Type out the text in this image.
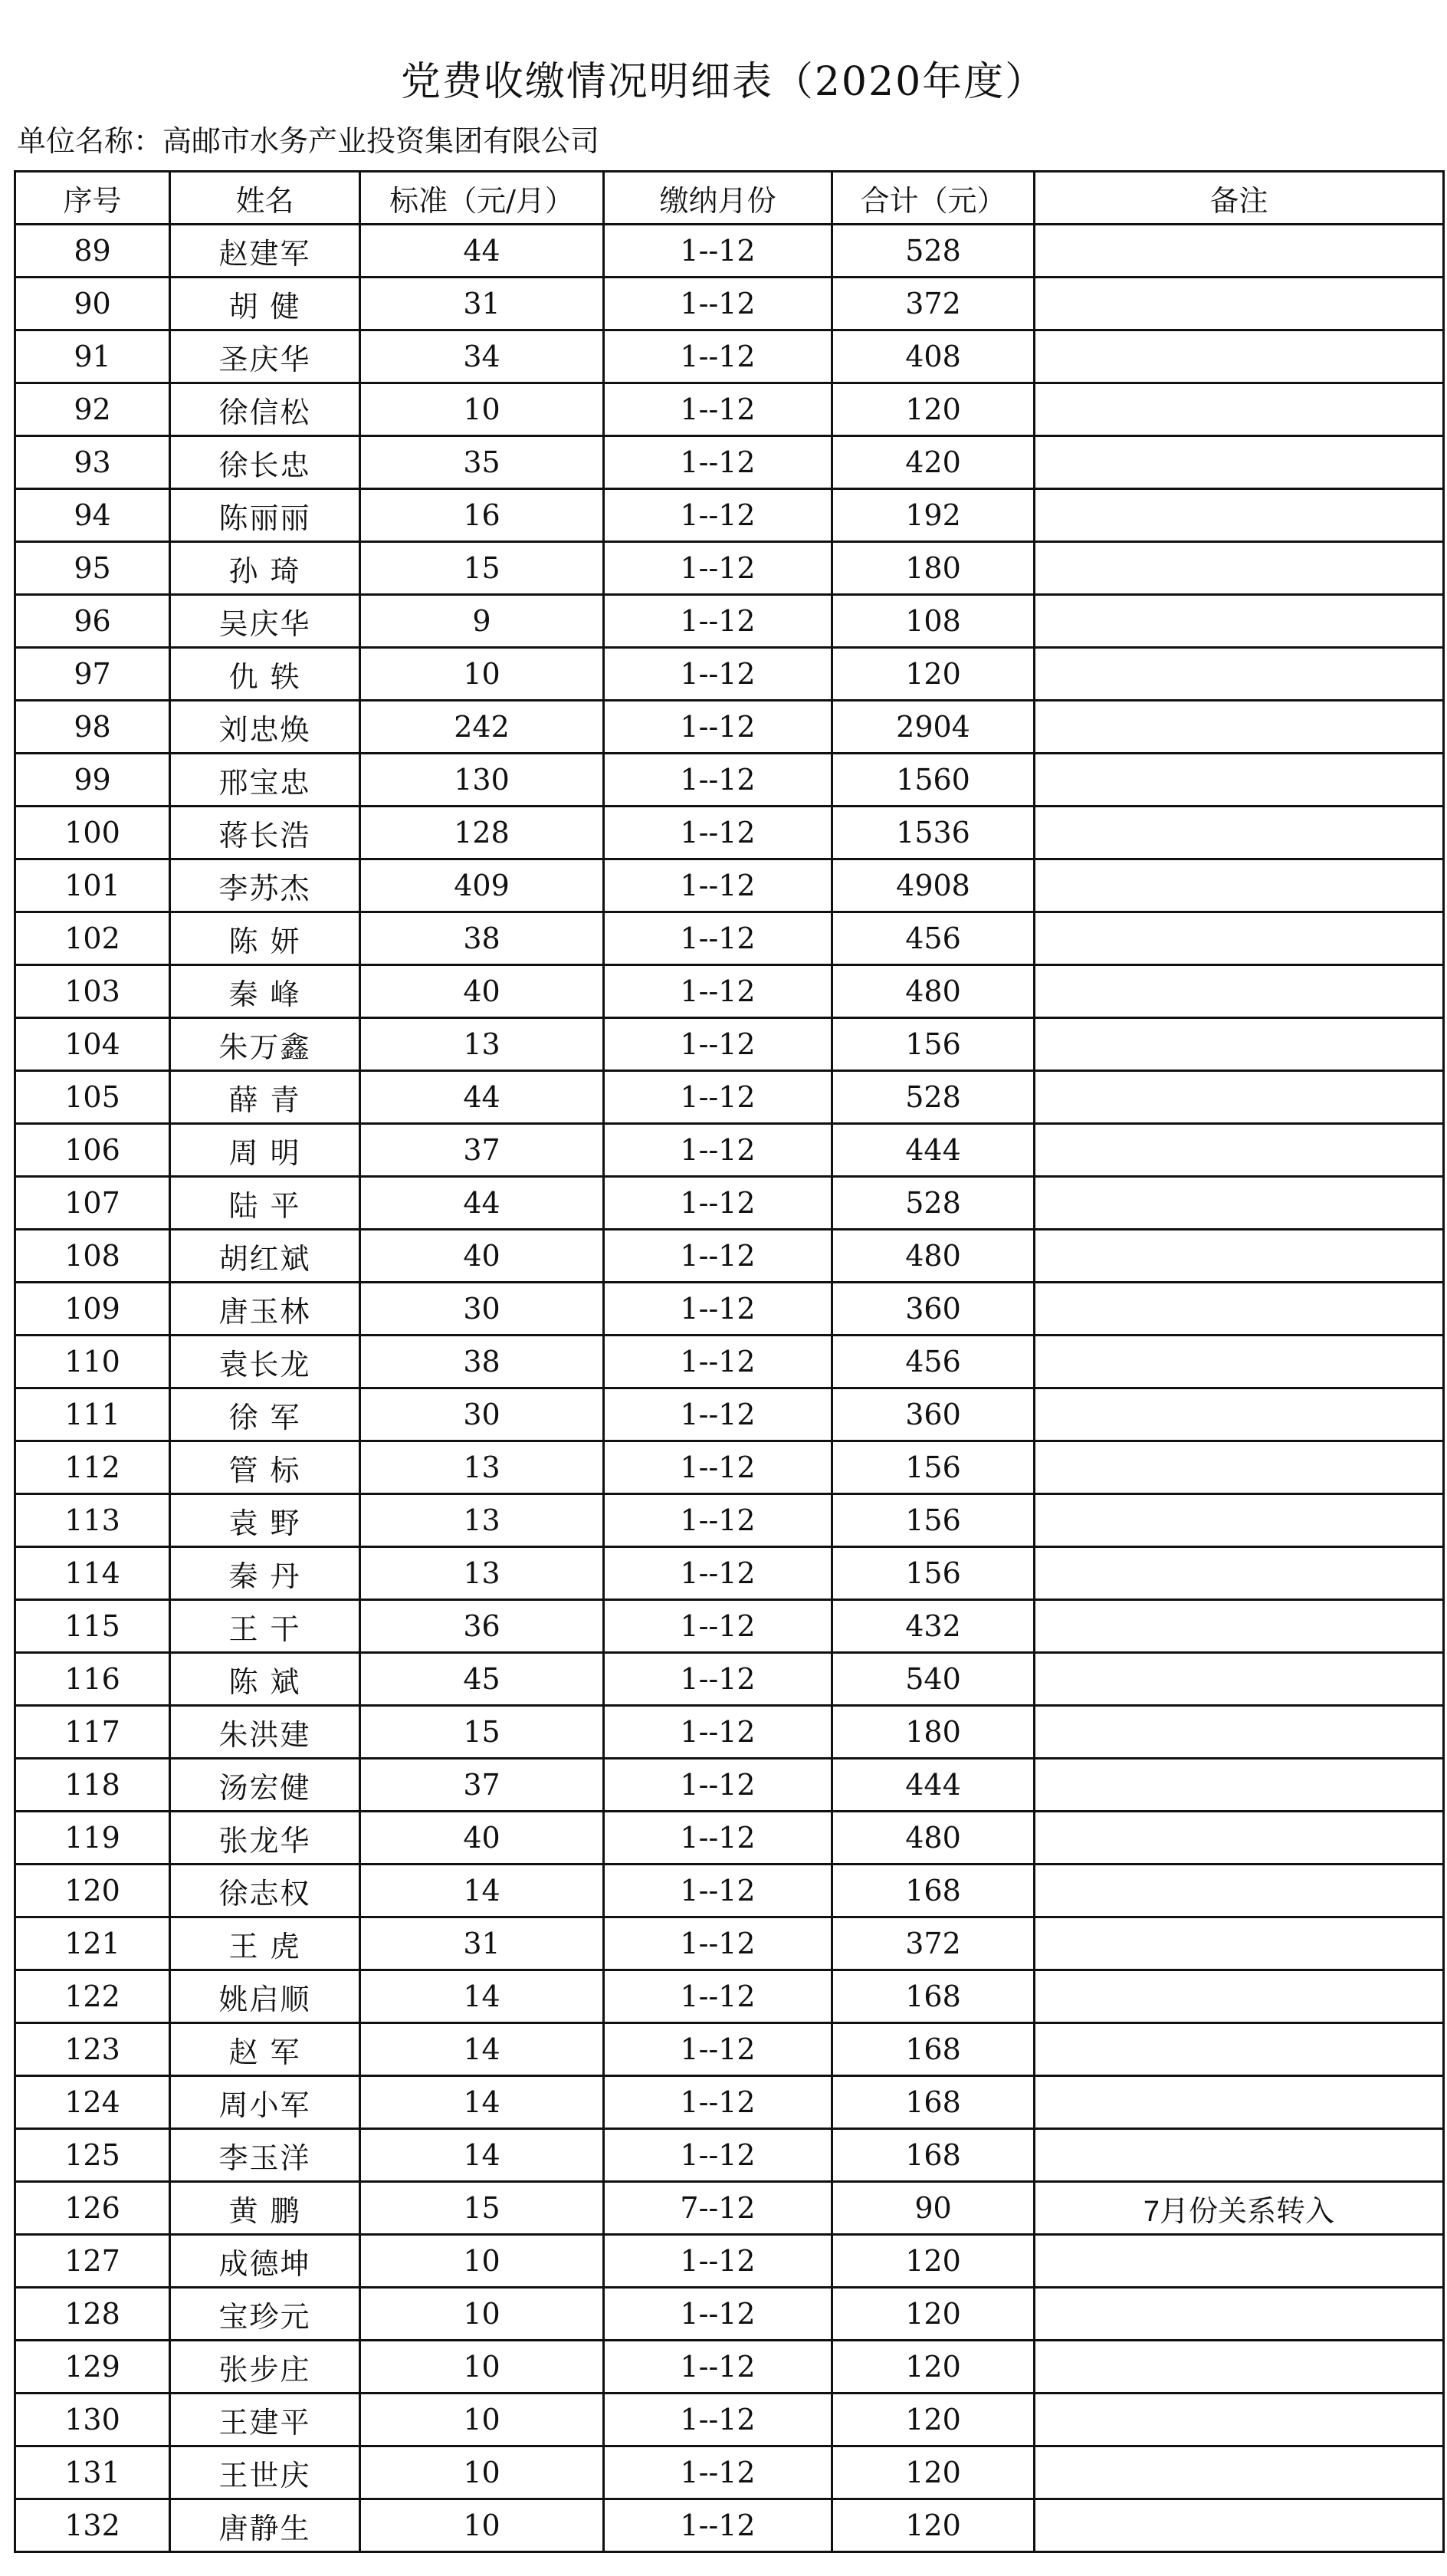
党费收缴情况明细表（2020年度）
单位名称：高邮市水务产业投资集团有限公司
序号	姓名	标准（元/月）	缴纳月份	合计（元）	备注
89	赵建军	44	1--12	528	
90	胡 健	31	1--12	372	
91	圣庆华	34	1--12	408	
92	徐信松	10	1--12	120	
93	徐长忠	35	1--12	420	
94	陈丽丽	16	1--12	192	
95	孙 琦	15	1--12	180	
96	吴庆华	9	1--12	108	
97	仇 轶	10	1--12	120	
98	刘忠焕	242	1--12	2904	
99	邢宝忠	130	1--12	1560	
100	蒋长浩	128	1--12	1536	
101	李苏杰	409	1--12	4908	
102	陈 妍	38	1--12	456	
103	秦 峰	40	1--12	480	
104	朱万鑫	13	1--12	156	
105	薛 青	44	1--12	528	
106	周 明	37	1--12	444	
107	陆 平	44	1--12	528	
108	胡红斌	40	1--12	480	
109	唐玉林	30	1--12	360	
110	袁长龙	38	1--12	456	
111	徐 军	30	1--12	360	
112	管 标	13	1--12	156	
113	袁 野	13	1--12	156	
114	秦 丹	13	1--12	156	
115	王 干	36	1--12	432	
116	陈 斌	45	1--12	540	
117	朱洪建	15	1--12	180	
118	汤宏健	37	1--12	444	
119	张龙华	40	1--12	480	
120	徐志权	14	1--12	168	
121	王 虎	31	1--12	372	
122	姚启顺	14	1--12	168	
123	赵 军	14	1--12	168	
124	周小军	14	1--12	168	
125	李玉洋	14	1--12	168	
126	黄 鹏	15	7--12	90	7月份关系转入
127	成德坤	10	1--12	120	
128	宝珍元	10	1--12	120	
129	张步庄	10	1--12	120	
130	王建平	10	1--12	120	
131	王世庆	10	1--12	120	
132	唐静生	10	1--12	120	
